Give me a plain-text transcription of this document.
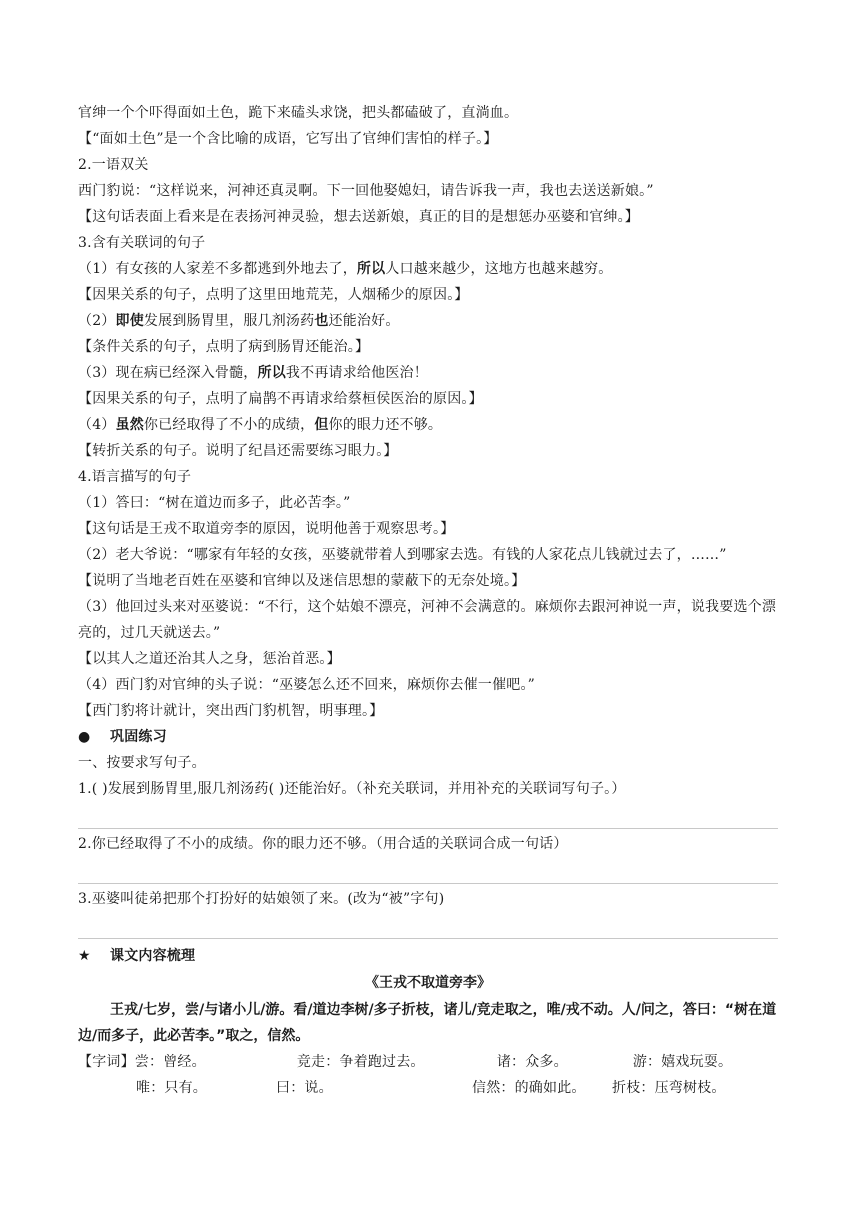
官绅一个个吓得面如土色，跪下来磕头求饶，把头都磕破了，直淌血。
【“面如土色”是一个含比喻的成语，它写出了官绅们害怕的样子。】
2.一语双关
西门豹说：“这样说来，河神还真灵啊。下一回他娶媳妇，请告诉我一声，我也去送送新娘。”
【这句话表面上看来是在表扬河神灵验，想去送新娘，真正的目的是想惩办巫婆和官绅。】
3.含有关联词的句子
（1）有女孩的人家差不多都逃到外地去了，所以人口越来越少，这地方也越来越穷。
【因果关系的句子，点明了这里田地荒芜，人烟稀少的原因。】
（2）即使发展到肠胃里，服几剂汤药也还能治好。
【条件关系的句子，点明了病到肠胃还能治。】
（3）现在病已经深入骨髓，所以我不再请求给他医治！
【因果关系的句子，点明了扁鹊不再请求给蔡桓侯医治的原因。】
（4）虽然你已经取得了不小的成绩，但你的眼力还不够。
【转折关系的句子。说明了纪昌还需要练习眼力。】
4.语言描写的句子
（1）答曰：“树在道边而多子，此必苦李。”
【这句话是王戎不取道旁李的原因，说明他善于观察思考。】
（2）老大爷说：“哪家有年轻的女孩，巫婆就带着人到哪家去选。有钱的人家花点儿钱就过去了，……”
【说明了当地老百姓在巫婆和官绅以及迷信思想的蒙蔽下的无奈处境。】
（3）他回过头来对巫婆说：“不行，这个姑娘不漂亮，河神不会满意的。麻烦你去跟河神说一声，说我要选个漂亮的，过几天就送去。”
【以其人之道还治其人之身，惩治首恶。】
（4）西门豹对官绅的头子说：“巫婆怎么还不回来，麻烦你去催一催吧。”
【西门豹将计就计，突出西门豹机智，明事理。】
● 巩固练习
一、按要求写句子。
1.( )发展到肠胃里,服几剂汤药( )还能治好。（补充关联词，并用补充的关联词写句子。）
2.你已经取得了不小的成绩。你的眼力还不够。（用合适的关联词合成一句话）
3.巫婆叫徒弟把那个打扮好的姑娘领了来。(改为“被”字句)
★ 课文内容梳理
《王戎不取道旁李》
王戎/七岁，尝/与诸小儿/游。看/道边李树/多子折枝，诸儿/竞走取之，唯/戎不动。人/问之，答曰：“树在道边/而多子，此必苦李。”取之，信然。
【字词】尝：曾经。	竞走：争着跑过去。	诸：众多。	游：嬉戏玩耍。
唯：只有。	曰：说。	信然：的确如此。 折枝：压弯树枝。
